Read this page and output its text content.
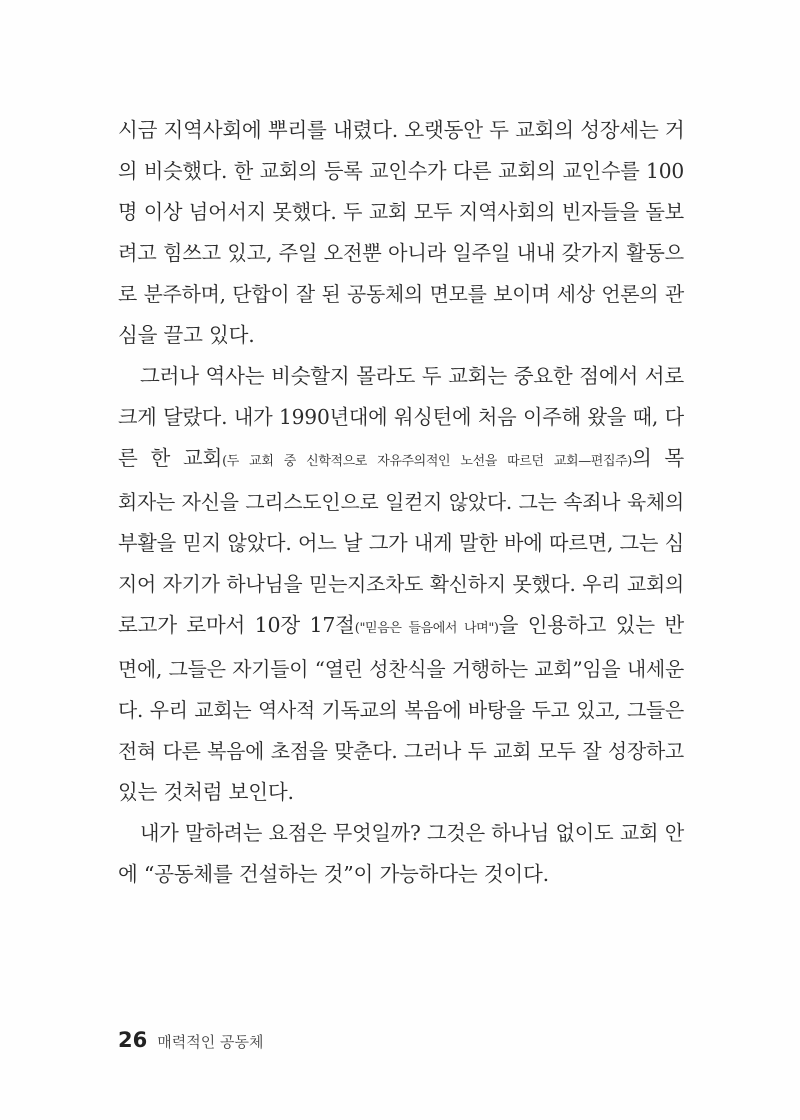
시금 지역사회에 뿌리를 내렸다. 오랫동안 두 교회의 성장세는 거
의 비슷했다. 한 교회의 등록 교인수가 다른 교회의 교인수를 100
명 이상 넘어서지 못했다. 두 교회 모두 지역사회의 빈자들을 돌보
려고 힘쓰고 있고, 주일 오전뿐 아니라 일주일 내내 갖가지 활동으
로 분주하며, 단합이 잘 된 공동체의 면모를 보이며 세상 언론의 관
심을 끌고 있다.
그러나 역사는 비슷할지 몰라도 두 교회는 중요한 점에서 서로
크게 달랐다. 내가 1990년대에 워싱턴에 처음 이주해 왔을 때, 다
른 한 교회(두 교회 중 신학적으로 자유주의적인 노선을 따르던 교회—편집주)의 목
회자는 자신을 그리스도인으로 일컫지 않았다. 그는 속죄나 육체의
부활을 믿지 않았다. 어느 날 그가 내게 말한 바에 따르면, 그는 심
지어 자기가 하나님을 믿는지조차도 확신하지 못했다. 우리 교회의
로고가 로마서 10장 17절("믿음은 들음에서 나며")을 인용하고 있는 반
면에, 그들은 자기들이 “열린 성찬식을 거행하는 교회”임을 내세운
다. 우리 교회는 역사적 기독교의 복음에 바탕을 두고 있고, 그들은
전혀 다른 복음에 초점을 맞춘다. 그러나 두 교회 모두 잘 성장하고
있는 것처럼 보인다.
내가 말하려는 요점은 무엇일까? 그것은 하나님 없이도 교회 안
에 “공동체를 건설하는 것”이 가능하다는 것이다.
26 매력적인 공동체
